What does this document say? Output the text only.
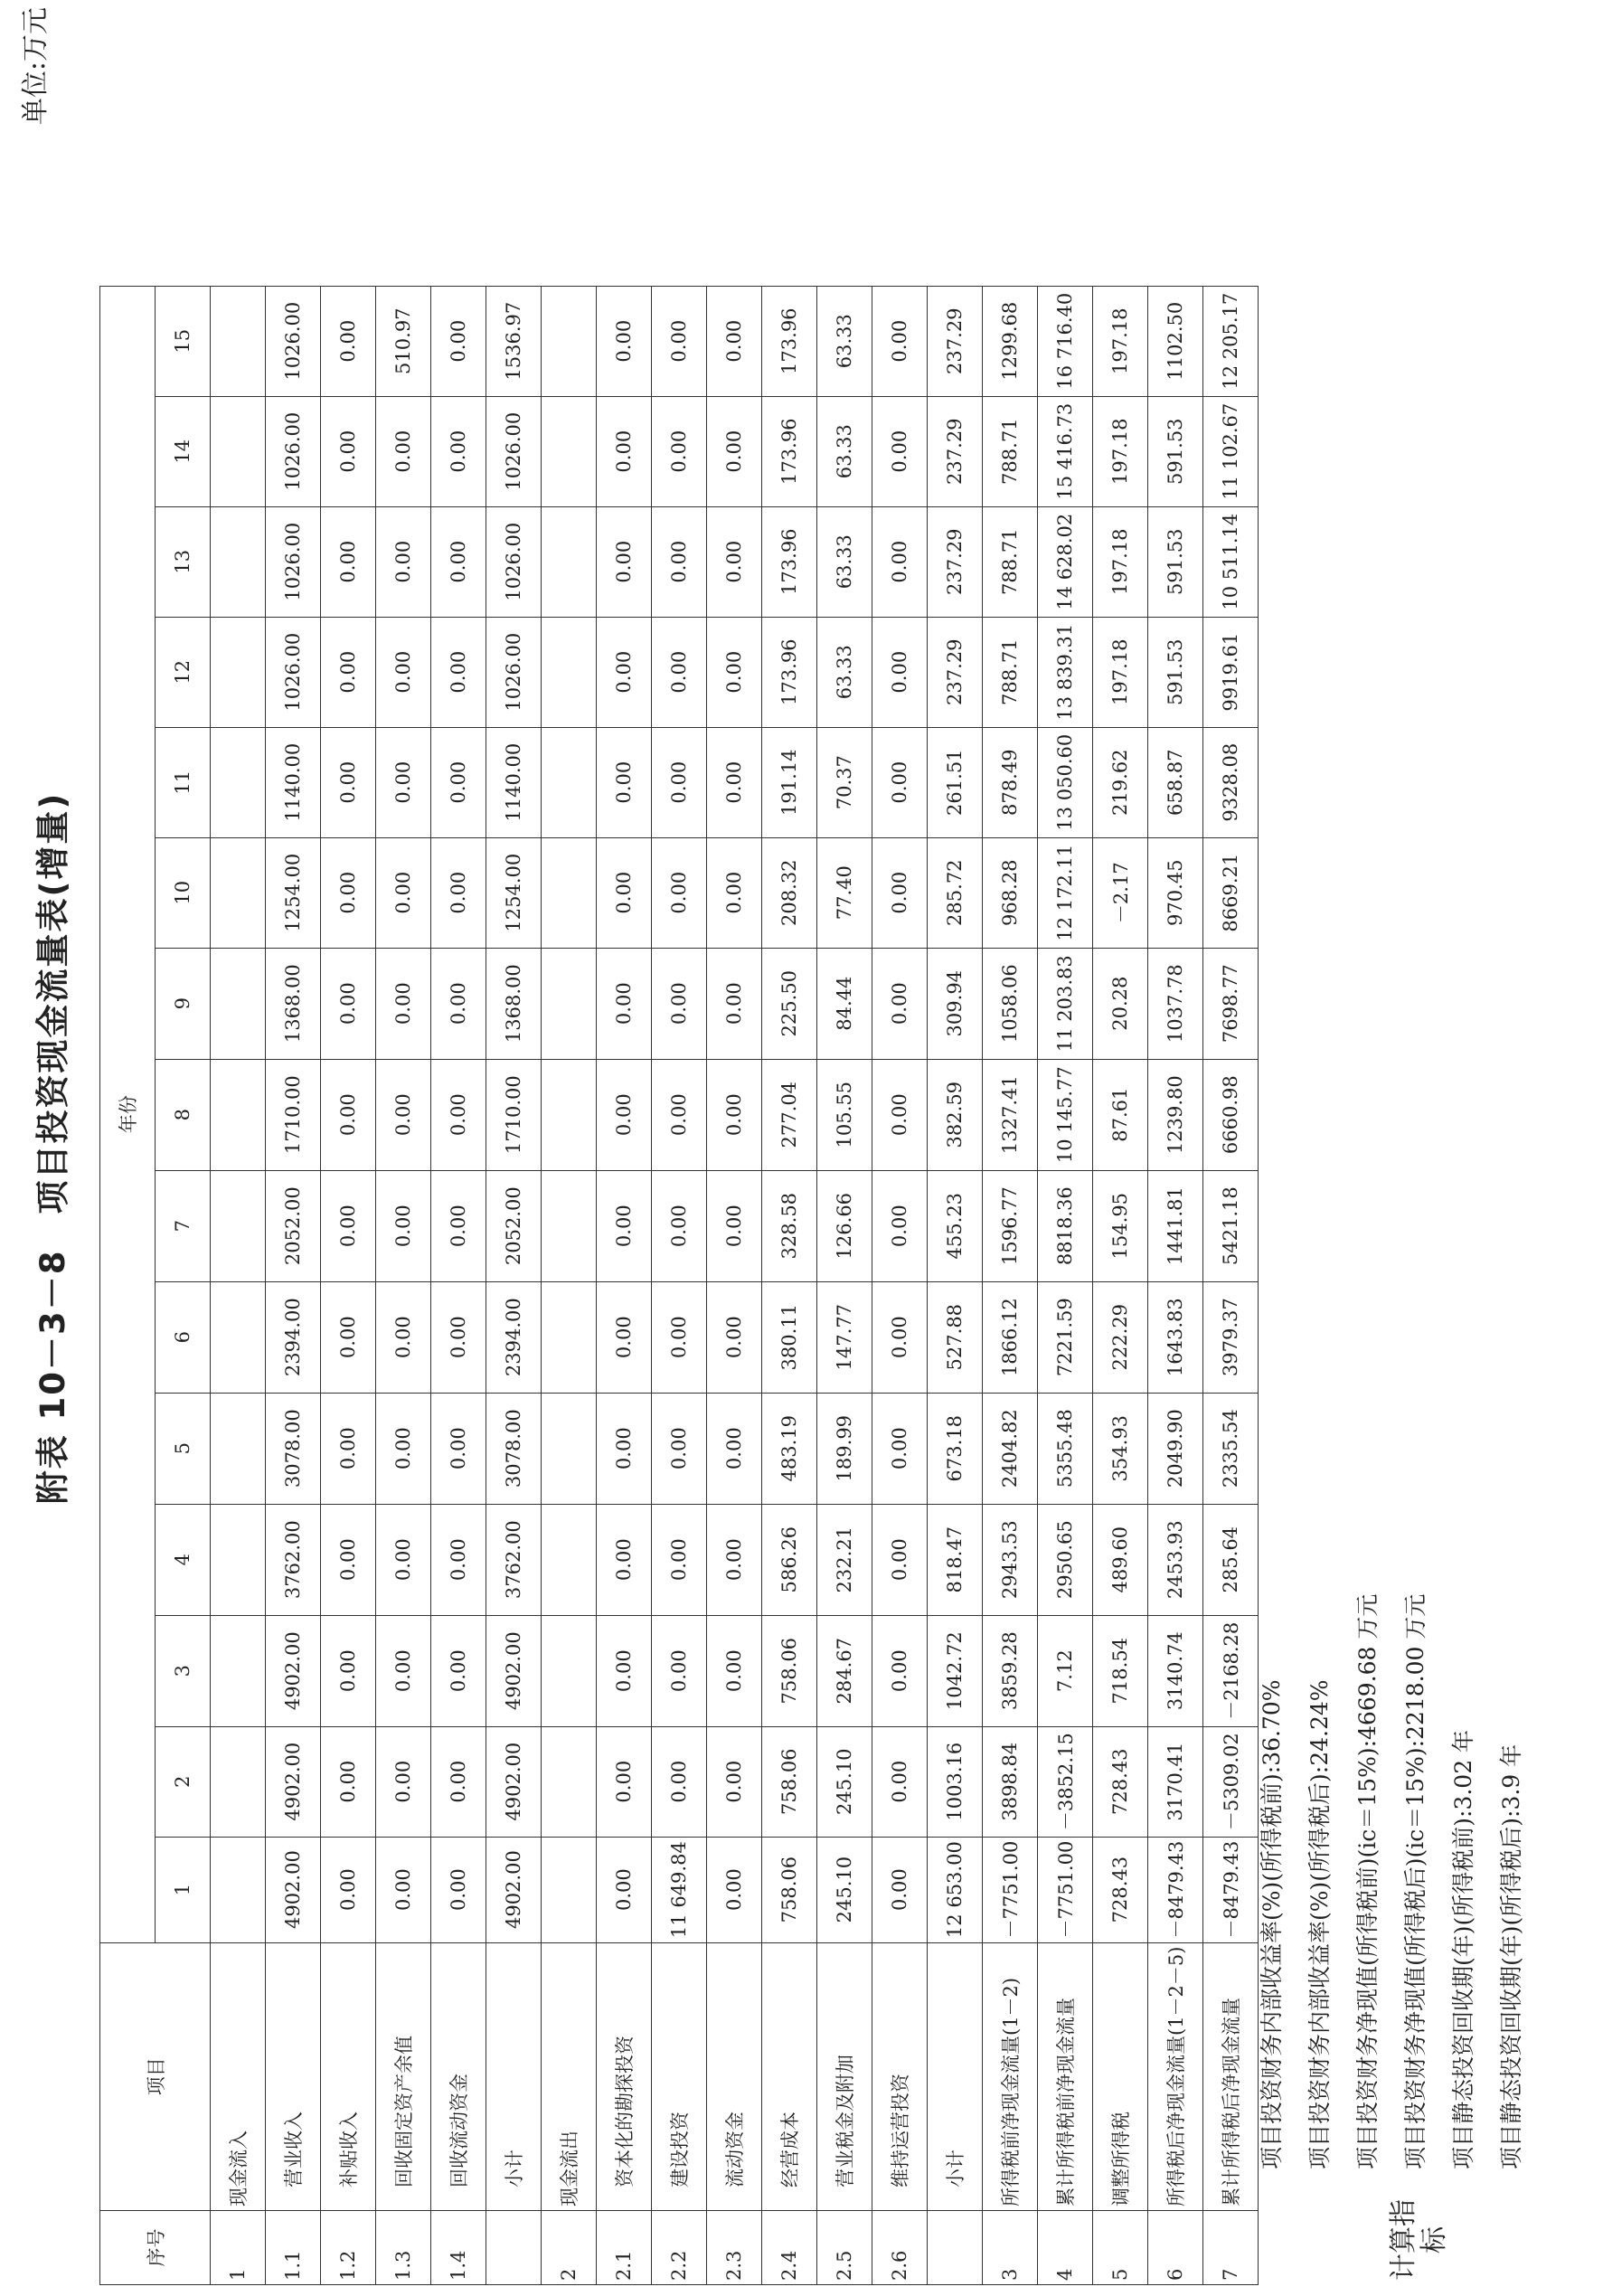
附表 10－3－8　项目投资现金流量表(增量)
单位:万元
序号	项目	年份														
		1	2	3	4	5	6	7	8	9	10	11	12	13	14	15
1	现金流入															
1.1	　营业收入	4902.00	4902.00	4902.00	3762.00	3078.00	2394.00	2052.00	1710.00	1368.00	1254.00	1140.00	1026.00	1026.00	1026.00	1026.00
1.2	　补贴收入	0.00	0.00	0.00	0.00	0.00	0.00	0.00	0.00	0.00	0.00	0.00	0.00	0.00	0.00	0.00
1.3	　回收固定资产余值	0.00	0.00	0.00	0.00	0.00	0.00	0.00	0.00	0.00	0.00	0.00	0.00	0.00	0.00	510.97
1.4	　回收流动资金	0.00	0.00	0.00	0.00	0.00	0.00	0.00	0.00	0.00	0.00	0.00	0.00	0.00	0.00	0.00
	　小计	4902.00	4902.00	4902.00	3762.00	3078.00	2394.00	2052.00	1710.00	1368.00	1254.00	1140.00	1026.00	1026.00	1026.00	1536.97
2	现金流出															
2.1	　资本化的勘探投资	0.00	0.00	0.00	0.00	0.00	0.00	0.00	0.00	0.00	0.00	0.00	0.00	0.00	0.00	0.00
2.2	　建设投资	11 649.84	0.00	0.00	0.00	0.00	0.00	0.00	0.00	0.00	0.00	0.00	0.00	0.00	0.00	0.00
2.3	　流动资金	0.00	0.00	0.00	0.00	0.00	0.00	0.00	0.00	0.00	0.00	0.00	0.00	0.00	0.00	0.00
2.4	　经营成本	758.06	758.06	758.06	586.26	483.19	380.11	328.58	277.04	225.50	208.32	191.14	173.96	173.96	173.96	173.96
2.5	　营业税金及附加	245.10	245.10	284.67	232.21	189.99	147.77	126.66	105.55	84.44	77.40	70.37	63.33	63.33	63.33	63.33
2.6	　维持运营投资	0.00	0.00	0.00	0.00	0.00	0.00	0.00	0.00	0.00	0.00	0.00	0.00	0.00	0.00	0.00
	　小计	12 653.00	1003.16	1042.72	818.47	673.18	527.88	455.23	382.59	309.94	285.72	261.51	237.29	237.29	237.29	237.29
3	所得税前净现金流量(1－2)	－7751.00	3898.84	3859.28	2943.53	2404.82	1866.12	1596.77	1327.41	1058.06	968.28	878.49	788.71	788.71	788.71	1299.68
4	累计所得税前净现金流量	－7751.00	－3852.15	7.12	2950.65	5355.48	7221.59	8818.36	10 145.77	11 203.83	12 172.11	13 050.60	13 839.31	14 628.02	15 416.73	16 716.40
5	调整所得税	728.43	728.43	718.54	489.60	354.93	222.29	154.95	87.61	20.28	－2.17	219.62	197.18	197.18	197.18	197.18
6	所得税后净现金流量(1－2－5)	－8479.43	3170.41	3140.74	2453.93	2049.90	1643.83	1441.81	1239.80	1037.78	970.45	658.87	591.53	591.53	591.53	1102.50
7	累计所得税后净现金流量	－8479.43	－5309.02	－2168.28	285.64	2335.54	3979.37	5421.18	6660.98	7698.77	8669.21	9328.08	9919.61	10 511.14	11 102.67	12 205.17
计算指标
项目投资财务内部收益率(%)(所得税前):36.70% 项目投资财务内部收益率(%)(所得税后):24.24% 项目投资财务净现值(所得税前)(ic＝15%):4669.68 万元 项目投资财务净现值(所得税后)(ic＝15%):2218.00 万元 项目静态投资回收期(年)(所得税前):3.02 年 项目静态投资回收期(年)(所得税后):3.9 年
